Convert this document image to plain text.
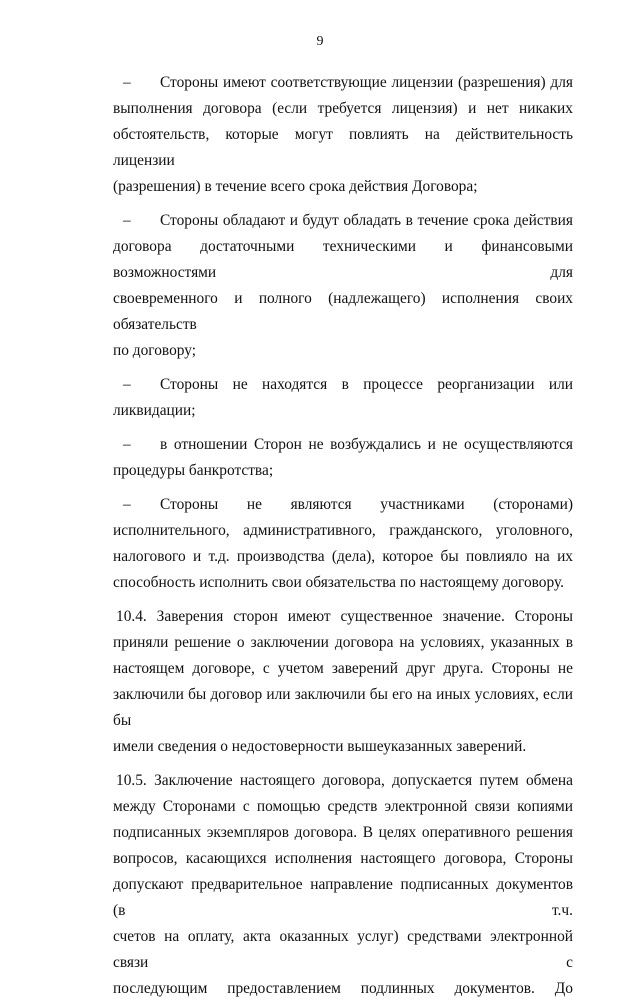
9
–	Стороны имеют соответствующие лицензии (разрешения) для
выполнения договора (если требуется лицензия) и нет никаких
обстоятельств, которые могут повлиять на действительность лицензии
(разрешения) в течение всего срока действия Договора;
–	Стороны обладают и будут обладать в течение срока действия
договора достаточными техническими и финансовыми возможностями для
своевременного и полного (надлежащего) исполнения своих обязательств
по договору;
–	Стороны не находятся в процессе реорганизации или
ликвидации;
–	в отношении Сторон не возбуждались и не осуществляются
процедуры банкротства;
–	Стороны не являются участниками (сторонами)
исполнительного, административного, гражданского, уголовного,
налогового и т.д. производства (дела), которое бы повлияло на их
способность исполнить свои обязательства по настоящему договору.
10.4. Заверения сторон имеют существенное значение. Стороны
приняли решение о заключении договора на условиях, указанных в
настоящем договоре, с учетом заверений друг друга. Стороны не
заключили бы договор или заключили бы его на иных условиях, если бы
имели сведения о недостоверности вышеуказанных заверений.
10.5. Заключение настоящего договора, допускается путем обмена
между Сторонами с помощью средств электронной связи копиями
подписанных экземпляров договора. В целях оперативного решения
вопросов, касающихся исполнения настоящего договора, Стороны
допускают предварительное направление подписанных документов (в т.ч.
счетов на оплату, акта оказанных услуг) средствами электронной связи с
последующим предоставлением подлинных документов. До
